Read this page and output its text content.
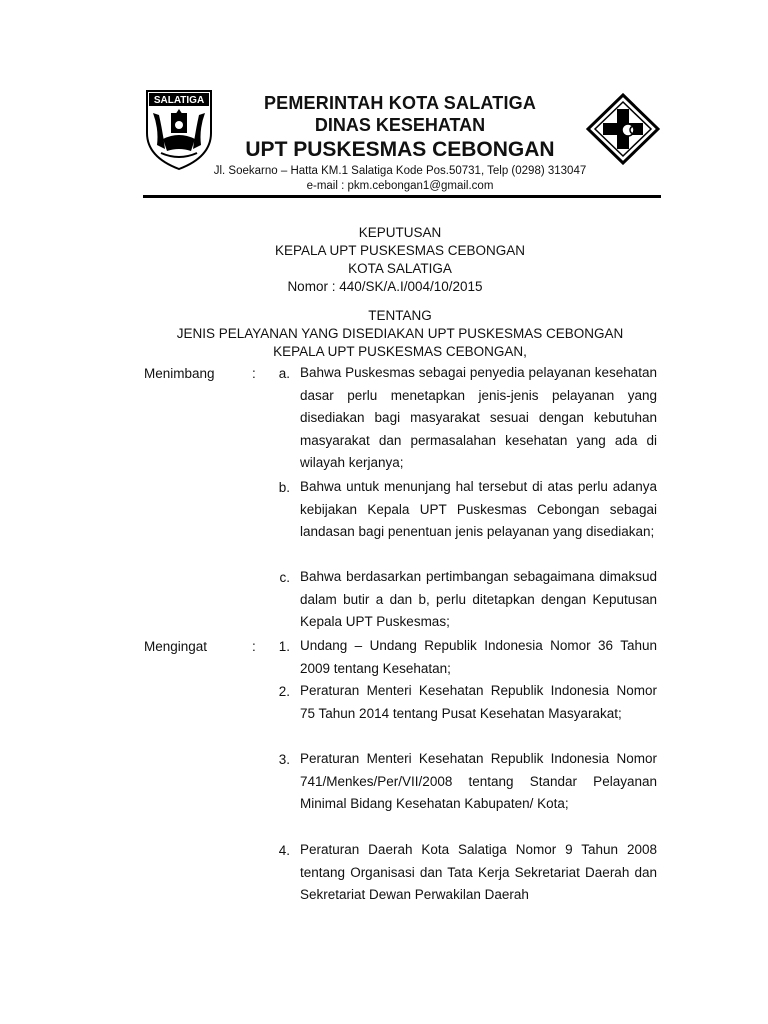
SALATIGA	PEMERINTAH KOTA SALATIGA
DINAS KESEHATAN
UPT PUSKESMAS CEBONGAN
Jl. Soekarno – Hatta KM.1 Salatiga Kode Pos.50731, Telp (0298) 313047
e-mail : pkm.cebongan1@gmail.com
KEPUTUSAN
KEPALA UPT PUSKESMAS CEBONGAN
KOTA SALATIGA
Nomor : 440/SK/A.I/004/10/2015
TENTANG
JENIS PELAYANAN YANG DISEDIAKAN UPT PUSKESMAS CEBONGAN
KEPALA UPT PUSKESMAS CEBONGAN,
Menimbang	:	a. Bahwa Puskesmas sebagai penyedia pelayanan kesehatan dasar perlu menetapkan jenis-jenis pelayanan yang disediakan bagi masyarakat sesuai dengan kebutuhan masyarakat dan permasalahan kesehatan yang ada di wilayah kerjanya;
b. Bahwa untuk menunjang hal tersebut di atas perlu adanya kebijakan Kepala UPT Puskesmas Cebongan sebagai landasan bagi penentuan jenis pelayanan yang disediakan;
c. Bahwa berdasarkan pertimbangan sebagaimana dimaksud dalam butir a dan b, perlu ditetapkan dengan Keputusan Kepala UPT Puskesmas;
Mengingat	:	1. Undang – Undang Republik Indonesia Nomor 36 Tahun 2009 tentang Kesehatan;
2. Peraturan Menteri Kesehatan Republik Indonesia Nomor 75 Tahun 2014 tentang Pusat Kesehatan Masyarakat;
3. Peraturan Menteri Kesehatan Republik Indonesia Nomor 741/Menkes/Per/VII/2008 tentang Standar Pelayanan Minimal Bidang Kesehatan Kabupaten/ Kota;
4. Peraturan Daerah Kota Salatiga Nomor 9 Tahun 2008 tentang Organisasi dan Tata Kerja Sekretariat Daerah dan Sekretariat Dewan Perwakilan Daerah
